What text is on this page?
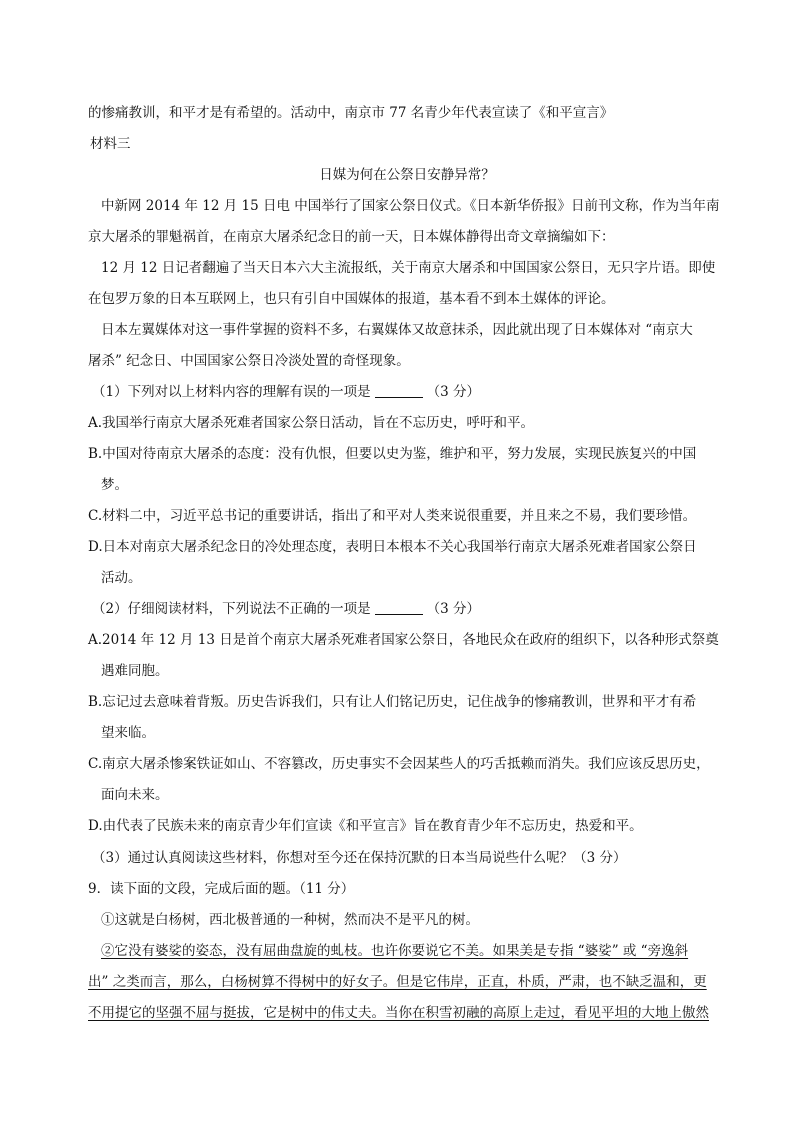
的惨痛教训，和平才是有希望的。活动中，南京市 77 名青少年代表宣读了《和平宣言》
材料三
日媒为何在公祭日安静异常？
中新网 2014 年 12 月 15 日电 中国举行了国家公祭日仪式。《日本新华侨报》日前刊文称，作为当年南
京大屠杀的罪魁祸首，在南京大屠杀纪念日的前一天，日本媒体静得出奇文章摘编如下：
12 月 12 日记者翻遍了当天日本六大主流报纸，关于南京大屠杀和中国国家公祭日，无只字片语。即使
在包罗万象的日本互联网上，也只有引自中国媒体的报道，基本看不到本土媒体的评论。
日本左翼媒体对这一事件掌握的资料不多，右翼媒体又故意抹杀，因此就出现了日本媒体对 “南京大
屠杀” 纪念日、中国国家公祭日冷淡处置的奇怪现象。
（1）下列对以上材料内容的理解有误的一项是	（3 分）
A.我国举行南京大屠杀死难者国家公祭日活动，旨在不忘历史，呼吁和平。
B.中国对待南京大屠杀的态度：没有仇恨，但要以史为鉴，维护和平，努力发展，实现民族复兴的中国
梦。
C.材料二中，习近平总书记的重要讲话，指出了和平对人类来说很重要，并且来之不易，我们要珍惜。
D.日本对南京大屠杀纪念日的冷处理态度，表明日本根本不关心我国举行南京大屠杀死难者国家公祭日
活动。
（2）仔细阅读材料，下列说法不正确的一项是	（3 分）
A.2014 年 12 月 13 日是首个南京大屠杀死难者国家公祭日，各地民众在政府的组织下，以各种形式祭奠
遇难同胞。
B.忘记过去意味着背叛。历史告诉我们，只有让人们铭记历史，记住战争的惨痛教训，世界和平才有希
望来临。
C.南京大屠杀惨案铁证如山、不容篡改，历史事实不会因某些人的巧舌抵赖而消失。我们应该反思历史，
面向未来。
D.由代表了民族未来的南京青少年们宣读《和平宣言》旨在教育青少年不忘历史，热爱和平。
（3）通过认真阅读这些材料，你想对至今还在保持沉默的日本当局说些什么呢？（3 分）
9．读下面的文段，完成后面的题。（11 分）
①这就是白杨树，西北极普通的一种树，然而决不是平凡的树。
②它没有婆娑的姿态，没有屈曲盘旋的虬枝。也许你要说它不美。如果美是专指 “婆娑” 或 “旁逸斜
出” 之类而言，那么，白杨树算不得树中的好女子。但是它伟岸，正直，朴质，严肃，也不缺乏温和，更
不用提它的坚强不屈与挺拔，它是树中的伟丈夫。当你在积雪初融的高原上走过，看见平坦的大地上傲然
